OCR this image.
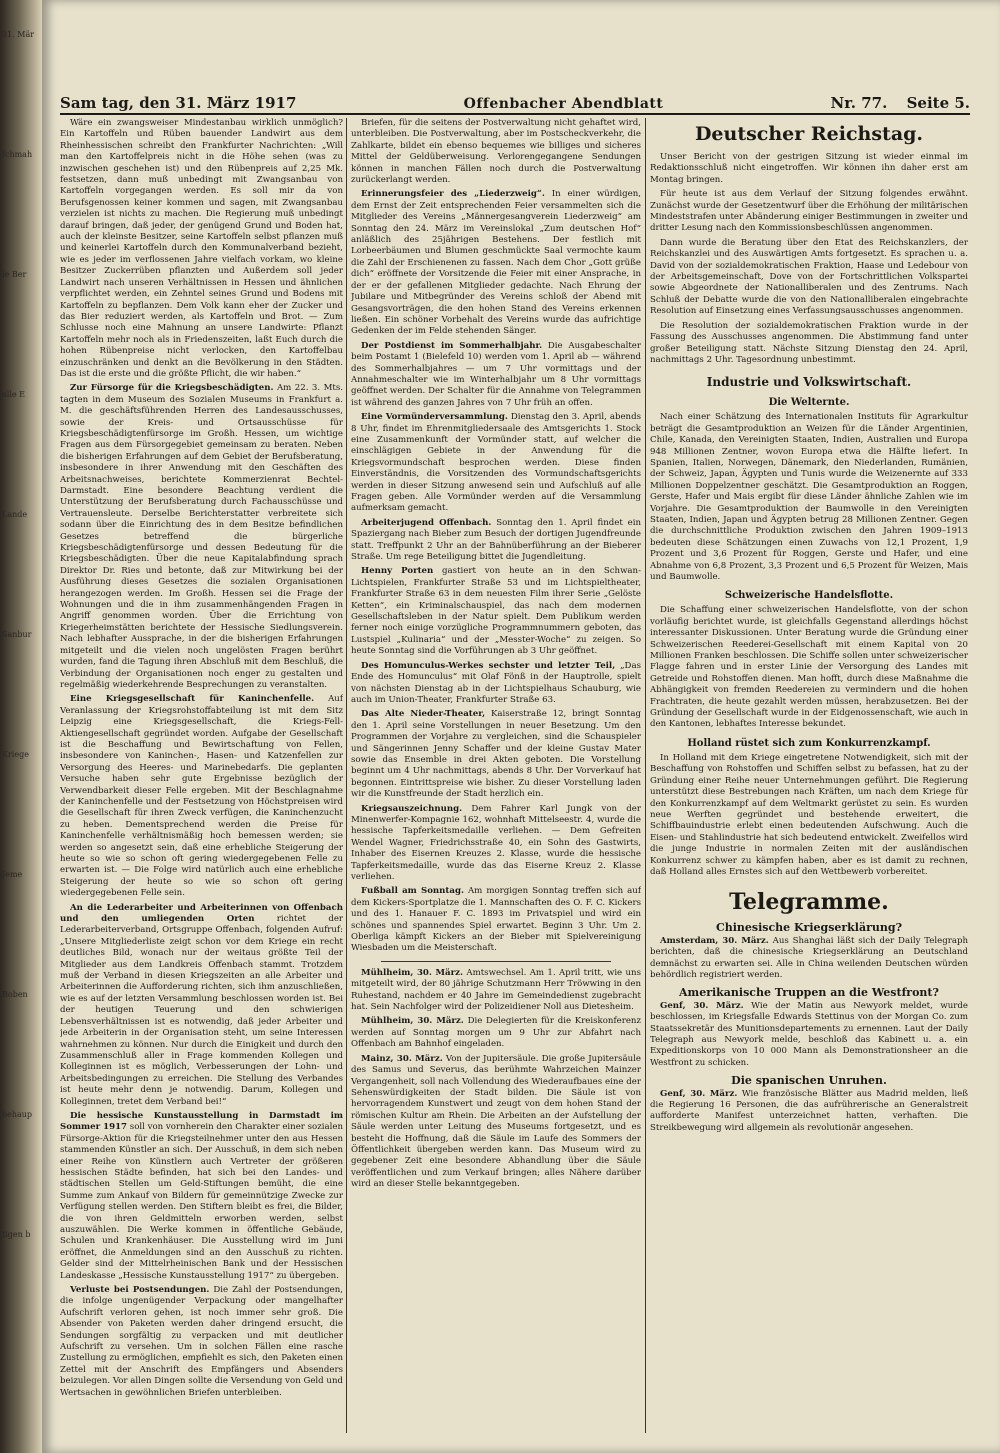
31. Mär
fchmah
le Ber
alle E
Lande
Sanbur
Kriege
Jeme
Boben
behaup
tigen b
Sam tag, den 31. März 1917	Offenbacher Abendblatt	Nr. 77. Seite 5.

Wäre ein zwangsweiser Mindestanbau wirklich unmöglich? Ein Kartoffeln und Rüben bauender Landwirt aus dem Rheinhessischen schreibt den Frankfurter Nachrichten: „Will man den Kartoffelpreis nicht in die Höhe sehen (was zu inzwischen geschehen ist) und den Rübenpreis auf 2,25 Mk. festsetzen, dann muß unbedingt mit Zwangsanbau von Kartoffeln vorgegangen werden. Es soll mir da von Berufsgenossen keiner kommen und sagen, mit Zwangsanbau verzielen ist nichts zu machen. Die Regierung muß unbedingt darauf bringen, daß jeder, der genügend Grund und Boden hat, auch der kleinste Besitzer, seine Kartoffeln selbst pflanzen muß und keinerlei Kartoffeln durch den Kommunalverband bezieht, wie es jeder im verflossenen Jahre vielfach vorkam, wo kleine Besitzer Zuckerrüben pflanzten und Außerdem soll jeder Landwirt nach unseren Verhältnissen in Hessen und ähnlichen verpflichtet werden, ein Zehntel seines Grund und Bodens mit Kartoffeln zu bepflanzen. Dem Volk kann eher der Zucker und das Bier reduziert werden, als Kartoffeln und Brot. — Zum Schlusse noch eine Mahnung an unsere Landwirte: Pflanzt Kartoffeln mehr noch als in Friedenszeiten, laßt Euch durch die hohen Rübenpreise nicht verlocken, den Kartoffelbau einzuschränken und denkt an die Bevölkerung in den Städten. Das ist die erste und die größte Pflicht, die wir haben.“

Zur Fürsorge für die Kriegsbeschädigten. Am 22. 3. Mts. tagten in dem Museum des Sozialen Museums in Frankfurt a. M. die geschäftsführenden Herren des Landesausschusses, sowie der Kreis- und Ortsausschüsse für Kriegsbeschädigtenfürsorge im Großh. Hessen, um wichtige Fragen aus dem Fürsorgegebiet gemeinsam zu beraten. Neben die bisherigen Erfahrungen auf dem Gebiet der Berufsberatung, insbesondere in ihrer Anwendung mit den Geschäften des Arbeitsnachweises, berichtete Kommerzienrat Bechtel-Darmstadt. Eine besondere Beachtung verdient die Unterstützung der Berufsberatung durch Fachausschüsse und Vertrauensleute. Derselbe Berichterstatter verbreitete sich sodann über die Einrichtung des in dem Besitze befindlichen Gesetzes betreffend die bürgerliche Kriegsbeschädigtenfürsorge und dessen Bedeutung für die Kriegsbeschädigten. Über die neue Kapitalabfindung sprach Direktor Dr. Ries und betonte, daß zur Mitwirkung bei der Ausführung dieses Gesetzes die sozialen Organisationen herangezogen werden. Im Großh. Hessen sei die Frage der Wohnungen und die in ihm zusammenhängenden Fragen in Angriff genommen worden. Über die Errichtung von Kriegerheimstätten berichtete der Hessische Siedlungsverein. Nach lebhafter Aussprache, in der die bisherigen Erfahrungen mitgeteilt und die vielen noch ungelösten Fragen berührt wurden, fand die Tagung ihren Abschluß mit dem Beschluß, die Verbindung der Organisationen noch enger zu gestalten und regelmäßig wiederkehrende Besprechungen zu veranstalten.

Eine Kriegsgesellschaft für Kaninchenfelle. Auf Veranlassung der Kriegsrohstoffabteilung ist mit dem Sitz Leipzig eine Kriegsgesellschaft, die Kriegs-Fell-Aktiengesellschaft gegründet worden. Aufgabe der Gesellschaft ist die Beschaffung und Bewirtschaftung von Fellen, insbesondere von Kaninchen-, Hasen- und Katzenfellen zur Versorgung des Heeres- und Marinebedarfs. Die geplanten Versuche haben sehr gute Ergebnisse bezüglich der Verwendbarkeit dieser Felle ergeben. Mit der Beschlagnahme der Kaninchenfelle und der Festsetzung von Höchstpreisen wird die Gesellschaft für ihren Zweck verfügen, die Kaninchenzucht zu heben. Dementsprechend werden die Preise für Kaninchenfelle verhältnismäßig hoch bemessen werden; sie werden so angesetzt sein, daß eine erhebliche Steigerung der heute so wie so schon oft gering wiedergegebenen Felle zu erwarten ist. — Die Folge wird natürlich auch eine erhebliche Steigerung der heute so wie so schon oft gering wiedergegebenen Felle sein.

An die Lederarbeiter und Arbeiterinnen von Offenbach und den umliegenden Orten	richtet der Lederarbeiterverband, Ortsgruppe Offenbach, folgenden Aufruf: „Unsere Mitgliederliste zeigt schon vor dem Kriege ein recht deutliches Bild, wonach nur der weitaus größte Teil der Mitglieder aus dem Landkreis Offenbach stammt. Trotzdem muß der Verband in diesen Kriegszeiten an alle Arbeiter und Arbeiterinnen die Aufforderung richten, sich ihm anzuschließen, wie es auf der letzten Versammlung beschlossen worden ist. Bei der heutigen Teuerung und den schwierigen Lebensverhältnissen ist es notwendig, daß jeder Arbeiter und jede Arbeiterin in der Organisation steht, um seine Interessen wahrnehmen zu können. Nur durch die Einigkeit und durch den Zusammenschluß aller in Frage kommenden Kollegen und Kolleginnen ist es möglich, Verbesserungen der Lohn- und Arbeitsbedingungen zu erreichen. Die Stellung des Verbandes ist heute mehr denn je notwendig. Darum, Kollegen und Kolleginnen, tretet dem Verband bei!“

Die hessische Kunstausstellung in Darmstadt im Sommer 1917 soll von vornherein den Charakter einer sozialen Fürsorge-Aktion für die Kriegsteilnehmer unter den aus Hessen stammenden Künstler an sich. Der Ausschuß, in dem sich neben einer Reihe von Künstlern auch Vertreter der größeren hessischen Städte befinden, hat sich bei den Landes- und städtischen Stellen um Geld-Stiftungen bemüht, die eine Summe zum Ankauf von Bildern für gemeinnützige Zwecke zur Verfügung stellen werden. Den Stiftern bleibt es frei, die Bilder, die von ihren Geldmitteln erworben werden, selbst auszuwählen. Die Werke kommen in öffentliche Gebäude, Schulen und Krankenhäuser. Die Ausstellung wird im Juni eröffnet, die Anmeldungen sind an den Ausschuß zu richten. Gelder sind der Mittelrheinischen Bank und der Hessischen Landeskasse „Hessische Kunstausstellung 1917“ zu übergeben.

Verluste bei Postsendungen. Die Zahl der Postsendungen, die infolge ungenügender Verpackung oder mangelhafter Aufschrift verloren gehen, ist noch immer sehr groß. Die Absender von Paketen werden daher dringend ersucht, die Sendungen sorgfältig zu verpacken und mit deutlicher Aufschrift zu versehen. Um in solchen Fällen eine rasche Zustellung zu ermöglichen, empfiehlt es sich, den Paketen einen Zettel mit der Anschrift des Empfängers und Absenders beizulegen. Vor allen Dingen sollte die Versendung von Geld und Wertsachen in gewöhnlichen Briefen unterbleiben.

Briefen, für die seitens der Postverwaltung nicht gehaftet wird, unterbleiben. Die Postverwaltung, aber im Postscheckverkehr, die Zahlkarte, bildet ein ebenso bequemes wie billiges und sicheres Mittel der Geldüberweisung. Verlorengegangene Sendungen können in manchen Fällen noch durch die Postverwaltung zurückerlangt werden.

Erinnerungsfeier des „Liederzweig“. In einer würdigen, dem Ernst der Zeit entsprechenden Feier versammelten sich die Mitglieder des Vereins „Männergesangverein Liederzweig“ am Sonntag den 24. März im Vereinslokal „Zum deutschen Hof“ anläßlich des 25jährigen Bestehens. Der festlich mit Lorbeerbäumen und Blumen geschmückte Saal vermochte kaum die Zahl der Erschienenen zu fassen. Nach dem Chor „Gott grüße dich“ eröffnete der Vorsitzende die Feier mit einer Ansprache, in der er der gefallenen Mitglieder gedachte. Nach Ehrung der Jubilare und Mitbegründer des Vereins schloß der Abend mit Gesangsvorträgen, die den hohen Stand des Vereins erkennen ließen. Ein schöner Vorbehalt des Vereins wurde das aufrichtige Gedenken der im Felde stehenden Sänger.

Der Postdienst im Sommerhalbjahr. Die Ausgabeschalter beim Postamt 1 (Bielefeld 10) werden vom 1. April ab — während des Sommerhalbjahres — um 7 Uhr vormittags und der Annahmeschalter wie im Winterhalbjahr um 8 Uhr vormittags geöffnet werden. Der Schalter für die Annahme von Telegrammen ist während des ganzen Jahres von 7 Uhr früh an offen.

Eine Vormünderversammlung. Dienstag den 3. April, abends 8 Uhr, findet im Ehrenmitgliedersaale des Amtsgerichts 1. Stock eine Zusammenkunft der Vormünder statt, auf welcher die einschlägigen Gebiete in der Anwendung für die Kriegsvormundschaft besprochen werden. Diese finden Einverständnis, die Vorsitzenden des Vormundschaftsgerichts werden in dieser Sitzung anwesend sein und Aufschluß auf alle Fragen geben. Alle Vormünder werden auf die Versammlung aufmerksam gemacht.

Arbeiterjugend Offenbach. Sonntag den 1. April findet ein Spaziergang nach Bieber zum Besuch der dortigen Jugendfreunde statt. Treffpunkt 2 Uhr an der Bahnüberführung an der Bieberer Straße. Um rege Beteiligung bittet die Jugendleitung.

Henny Porten gastiert von heute an in den Schwan-Lichtspielen, Frankfurter Straße 53 und im Lichtspieltheater, Frankfurter Straße 63 in dem neuesten Film ihrer Serie „Gelöste Ketten“, ein Kriminalschauspiel, das nach dem modernen Gesellschaftsleben in der Natur spielt. Dem Publikum werden ferner noch einige vorzügliche Programmnummern geboten, das Lustspiel „Kulinaria“ und der „Messter-Woche“ zu zeigen. So heute Sonntag sind die Vorführungen ab 3 Uhr geöffnet.

Des Homunculus-Werkes sechster und letzter Teil, „Das Ende des Homunculus“ mit Olaf Fönß in der Hauptrolle, spielt von nächsten Dienstag ab in der Lichtspielhaus Schauburg, wie auch im Union-Theater, Frankfurter Straße 63.

Das Alte Nieder-Theater, Kaiserstraße 12, bringt Sonntag den 1. April seine Vorstellungen in neuer Besetzung. Um den Programmen der Vorjahre zu vergleichen, sind die Schauspieler und Sängerinnen Jenny Schaffer und der kleine Gustav Mater sowie das Ensemble in drei Akten geboten. Die Vorstellung beginnt um 4 Uhr nachmittags, abends 8 Uhr. Der Vorverkauf hat begonnen. Eintrittspreise wie bisher. Zu dieser Vorstellung laden wir die Kunstfreunde der Stadt herzlich ein.

Kriegsauszeichnung. Dem Fahrer Karl Jungk von der Minenwerfer-Kompagnie 162, wohnhaft Mittelseestr. 4, wurde die hessische Tapferkeitsmedaille verliehen. — Dem Gefreiten Wendel Wagner, Friedrichsstraße 40, ein Sohn des Gastwirts, Inhaber des Eisernen Kreuzes 2. Klasse, wurde die hessische Tapferkeitsmedaille, wurde das das Eiserne Kreuz 2. Klasse verliehen.

Fußball am Sonntag. Am morgigen Sonntag treffen sich auf dem Kickers-Sportplatze die 1. Mannschaften des O. F. C. Kickers und des 1. Hanauer F. C. 1893 im Privatspiel und wird ein schönes und spannendes Spiel erwartet. Beginn 3 Uhr. Um 2. Oberliga kämpft Kickers an der Bieber mit Spielvereinigung Wiesbaden um die Meisterschaft.

Mühlheim, 30. März. Amtswechsel. Am 1. April tritt, wie uns mitgeteilt wird, der 80 jährige Schutzmann Herr Tröwwing in den Ruhestand, nachdem er 40 Jahre im Gemeindedienst zugebracht hat. Sein Nachfolger wird der Polizeidiener Noll aus Dietesheim.

Mühlheim, 30. März. Die Delegierten für die Kreiskonferenz werden auf Sonntag morgen um 9 Uhr zur Abfahrt nach Offenbach am Bahnhof eingeladen.

Mainz, 30. März. Von der Jupitersäule. Die große Jupitersäule des Samus und Severus, das berühmte Wahrzeichen Mainzer Vergangenheit, soll nach Vollendung des Wiederaufbaues eine der Sehenswürdigkeiten der Stadt bilden. Die Säule ist von hervorragendem Kunstwert und zeugt von dem hohen Stand der römischen Kultur am Rhein. Die Arbeiten an der Aufstellung der Säule werden unter Leitung des Museums fortgesetzt, und es besteht die Hoffnung, daß die Säule im Laufe des Sommers der Öffentlichkeit übergeben werden kann. Das Museum wird zu gegebener Zeit eine besondere Abhandlung über die Säule veröffentlichen und zum Verkauf bringen; alles Nähere darüber wird an dieser Stelle bekanntgegeben.

Deutscher Reichstag.

Unser Bericht von der gestrigen Sitzung ist wieder einmal im Redaktionsschluß nicht eingetroffen. Wir können ihn daher erst am Montag bringen.

Für heute ist aus dem Verlauf der Sitzung folgendes erwähnt. Zunächst wurde der Gesetzentwurf über die Erhöhung der militärischen Mindeststrafen unter Abänderung einiger Bestimmungen in zweiter und dritter Lesung nach den Kommissionsbeschlüssen angenommen.

Dann wurde die Beratung über den Etat des Reichskanzlers, der Reichskanzlei und des Auswärtigen Amts fortgesetzt. Es sprachen u. a. David von der sozialdemokratischen Fraktion, Haase und Ledebour von der Arbeitsgemeinschaft, Dove von der Fortschrittlichen Volkspartei sowie Abgeordnete der Nationalliberalen und des Zentrums. Nach Schluß der Debatte wurde die von den Nationalliberalen eingebrachte Resolution auf Einsetzung eines Verfassungsausschusses angenommen.

Die Resolution der sozialdemokratischen Fraktion wurde in der Fassung des Ausschusses angenommen. Die Abstimmung fand unter großer Beteiligung statt. Nächste Sitzung Dienstag den 24. April, nachmittags 2 Uhr. Tagesordnung unbestimmt.

Industrie und Volkswirtschaft.
Die Welternte.

Nach einer Schätzung des Internationalen Instituts für Agrarkultur beträgt die Gesamtproduktion an Weizen für die Länder Argentinien, Chile, Kanada, den Vereinigten Staaten, Indien, Australien und Europa 948 Millionen Zentner, wovon Europa etwa die Hälfte liefert. In Spanien, Italien, Norwegen, Dänemark, den Niederlanden, Rumänien, der Schweiz, Japan, Ägypten und Tunis wurde die Weizenernte auf 333 Millionen Doppelzentner geschätzt. Die Gesamtproduktion an Roggen, Gerste, Hafer und Mais ergibt für diese Länder ähnliche Zahlen wie im Vorjahre. Die Gesamtproduktion der Baumwolle in den Vereinigten Staaten, Indien, Japan und Ägypten betrug 28 Millionen Zentner. Gegen die durchschnittliche Produktion zwischen den Jahren 1909–1913 bedeuten diese Schätzungen einen Zuwachs von 12,1 Prozent, 1,9 Prozent und 3,6 Prozent für Roggen, Gerste und Hafer, und eine Abnahme von 6,8 Prozent, 3,3 Prozent und 6,5 Prozent für Weizen, Mais und Baumwolle.

Schweizerische Handelsflotte.

Die Schaffung einer schweizerischen Handelsflotte, von der schon vorläufig berichtet wurde, ist gleichfalls Gegenstand allerdings höchst interessanter Diskussionen. Unter Beratung wurde die Gründung einer Schweizerischen Reederei-Gesellschaft mit einem Kapital von 20 Millionen Franken beschlossen. Die Schiffe sollen unter schweizerischer Flagge fahren und in erster Linie der Versorgung des Landes mit Getreide und Rohstoffen dienen. Man hofft, durch diese Maßnahme die Abhängigkeit von fremden Reedereien zu vermindern und die hohen Frachtraten, die heute gezahlt werden müssen, herabzusetzen. Bei der Gründung der Gesellschaft wurde in der Eidgenossenschaft, wie auch in den Kantonen, lebhaftes Interesse bekundet.

Holland rüstet sich zum Konkurrenzkampf.

In Holland mit dem Kriege eingetretene Notwendigkeit, sich mit der Beschaffung von Rohstoffen und Schiffen selbst zu befassen, hat zu der Gründung einer Reihe neuer Unternehmungen geführt. Die Regierung unterstützt diese Bestrebungen nach Kräften, um nach dem Kriege für den Konkurrenzkampf auf dem Weltmarkt gerüstet zu sein. Es wurden neue Werften gegründet und bestehende erweitert, die Schiffbauindustrie erlebt einen bedeutenden Aufschwung. Auch die Eisen- und Stahlindustrie hat sich bedeutend entwickelt. Zweifellos wird die junge Industrie in normalen Zeiten mit der ausländischen Konkurrenz schwer zu kämpfen haben, aber es ist damit zu rechnen, daß Holland alles Ernstes sich auf den Wettbewerb vorbereitet.

Telegramme.
Chinesische Kriegserklärung?

Amsterdam, 30. März. Aus Shanghai läßt sich der Daily Telegraph berichten, daß die chinesische Kriegserklärung an Deutschland demnächst zu erwarten sei. Alle in China weilenden Deutschen würden behördlich registriert werden.

Amerikanische Truppen an die Westfront?

Genf, 30. März. Wie der Matin aus Newyork meldet, wurde beschlossen, im Kriegsfalle Edwards Stettinus von der Morgan Co. zum Staatssekretär des Munitionsdepartements zu ernennen. Laut der Daily Telegraph aus Newyork melde, beschloß das Kabinett u. a. ein Expeditionskorps von 10 000 Mann als Demonstrationsheer an die Westfront zu schicken.

Die spanischen Unruhen.

Genf, 30. März. Wie französische Blätter aus Madrid melden, ließ die Regierung 16 Personen, die das aufrührerische an Generalstreit aufforderte Manifest unterzeichnet hatten, verhaften. Die Streikbewegung wird allgemein als revolutionär angesehen.
